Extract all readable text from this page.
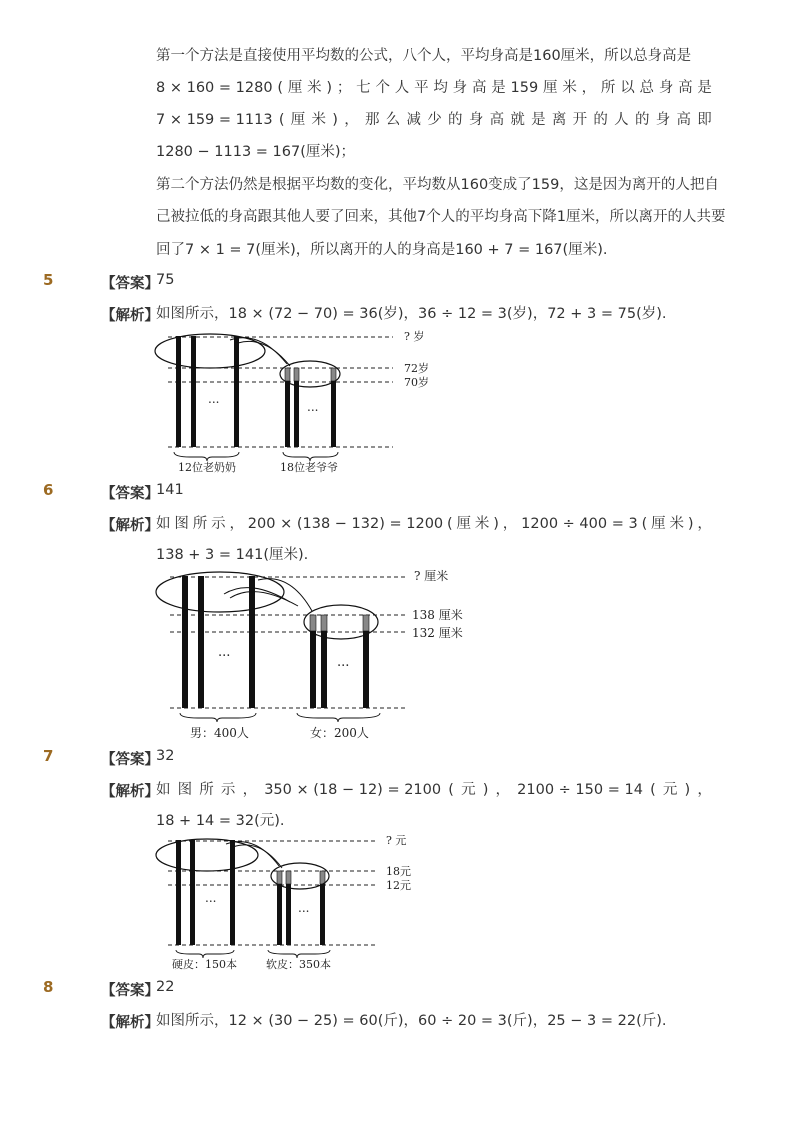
第一个方法是直接使用平均数的公式，八个人，平均身高是160厘米，所以总身高是
8 × 160 = 1280 ( 厘 米 ) ； 七 个 人 平 均 身 高 是 159 厘 米 ， 所 以 总 身 高 是
7 × 159 = 1113 ( 厘 米 ) ， 那 么 减 少 的 身 高 就 是 离 开 的 人 的 身 高 即
1280 − 1113 = 167(厘米)；
第二个方法仍然是根据平均数的变化，平均数从160变成了159，这是因为离开的人把自
己被拉低的身高跟其他人要了回来，其他7个人的平均身高下降1厘米，所以离开的人共要
回了7 × 1 = 7(厘米)，所以离开的人的身高是160 + 7 = 167(厘米).
5	【答案】
75
【解析】
如图所示，18 × (72 − 70) = 36(岁)，36 ÷ 12 = 3(岁)，72 + 3 = 75(岁).
...
...
? 岁
72岁
70岁
12位老奶奶	18位老爷爷
6	【答案】
141
【解析】
如 图 所 示 ， 200 × (138 − 132) = 1200 ( 厘 米 ) ， 1200 ÷ 400 = 3 ( 厘 米 ) ，
138 + 3 = 141(厘米).
...
...
? 厘米
138 厘米
132 厘米
男：400人	女：200人
7	【答案】
32
【解析】
如 图 所 示 ， 350 × (18 − 12) = 2100 ( 元 ) ， 2100 ÷ 150 = 14 ( 元 ) ，
18 + 14 = 32(元).
...
...
? 元
18元
12元
硬皮：150本	软皮：350本
8	【答案】
22
【解析】
如图所示，12 × (30 − 25) = 60(斤)，60 ÷ 20 = 3(斤)，25 − 3 = 22(斤).
